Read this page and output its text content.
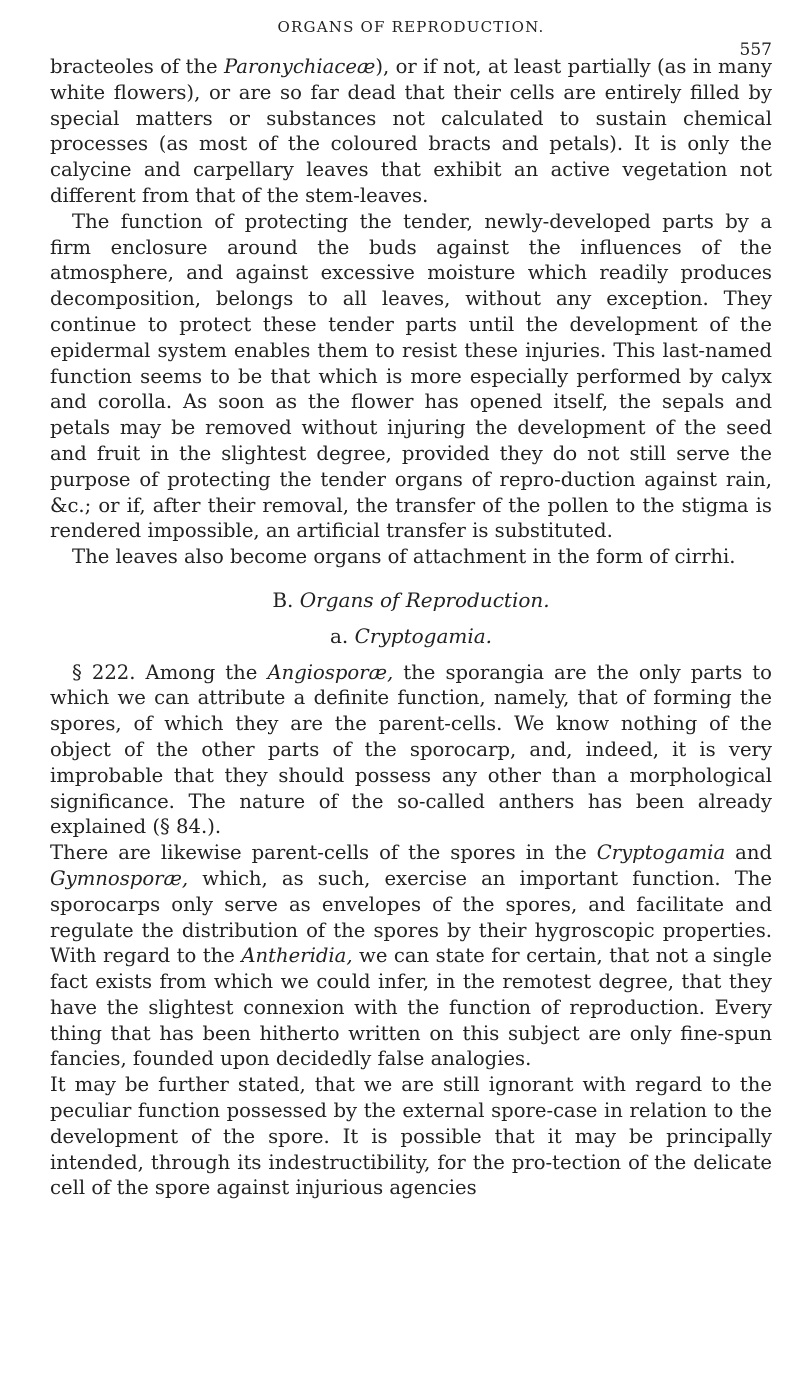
ORGANS OF REPRODUCTION.
557

bracteoles of the Paronychiaceæ), or if not, at least partially (as in many white flowers), or are so far dead that their cells are entirely filled by special matters or substances not calculated to sustain chemical processes (as most of the coloured bracts and petals). It is only the calycine and carpellary leaves that exhibit an active vegetation not different from that of the stem-leaves.

The function of protecting the tender, newly-developed parts by a firm enclosure around the buds against the influences of the atmosphere, and against excessive moisture which readily produces decomposition, belongs to all leaves, without any exception. They continue to protect these tender parts until the development of the epidermal system enables them to resist these injuries. This last-named function seems to be that which is more especially performed by calyx and corolla. As soon as the flower has opened itself, the sepals and petals may be removed without injuring the development of the seed and fruit in the slightest degree, provided they do not still serve the purpose of protecting the tender organs of repro-duction against rain, &c.; or if, after their removal, the transfer of the pollen to the stigma is rendered impossible, an artificial transfer is substituted.

The leaves also become organs of attachment in the form of cirrhi.

B. Organs of Reproduction.
a. Cryptogamia.

§ 222. Among the Angiosporæ, the sporangia are the only parts to which we can attribute a definite function, namely, that of forming the spores, of which they are the parent-cells. We know nothing of the object of the other parts of the sporocarp, and, indeed, it is very improbable that they should possess any other than a morphological significance. The nature of the so-called anthers has been already explained (§ 84.).

There are likewise parent-cells of the spores in the Cryptogamia and Gymnosporæ, which, as such, exercise an important function. The sporocarps only serve as envelopes of the spores, and facilitate and regulate the distribution of the spores by their hygroscopic properties. With regard to the Antheridia, we can state for certain, that not a single fact exists from which we could infer, in the remotest degree, that they have the slightest connexion with the function of reproduction. Every thing that has been hitherto written on this subject are only fine-spun fancies, founded upon decidedly false analogies.

It may be further stated, that we are still ignorant with regard to the peculiar function possessed by the external spore-case in relation to the development of the spore. It is possible that it may be principally intended, through its indestructibility, for the pro-tection of the delicate cell of the spore against injurious agencies
